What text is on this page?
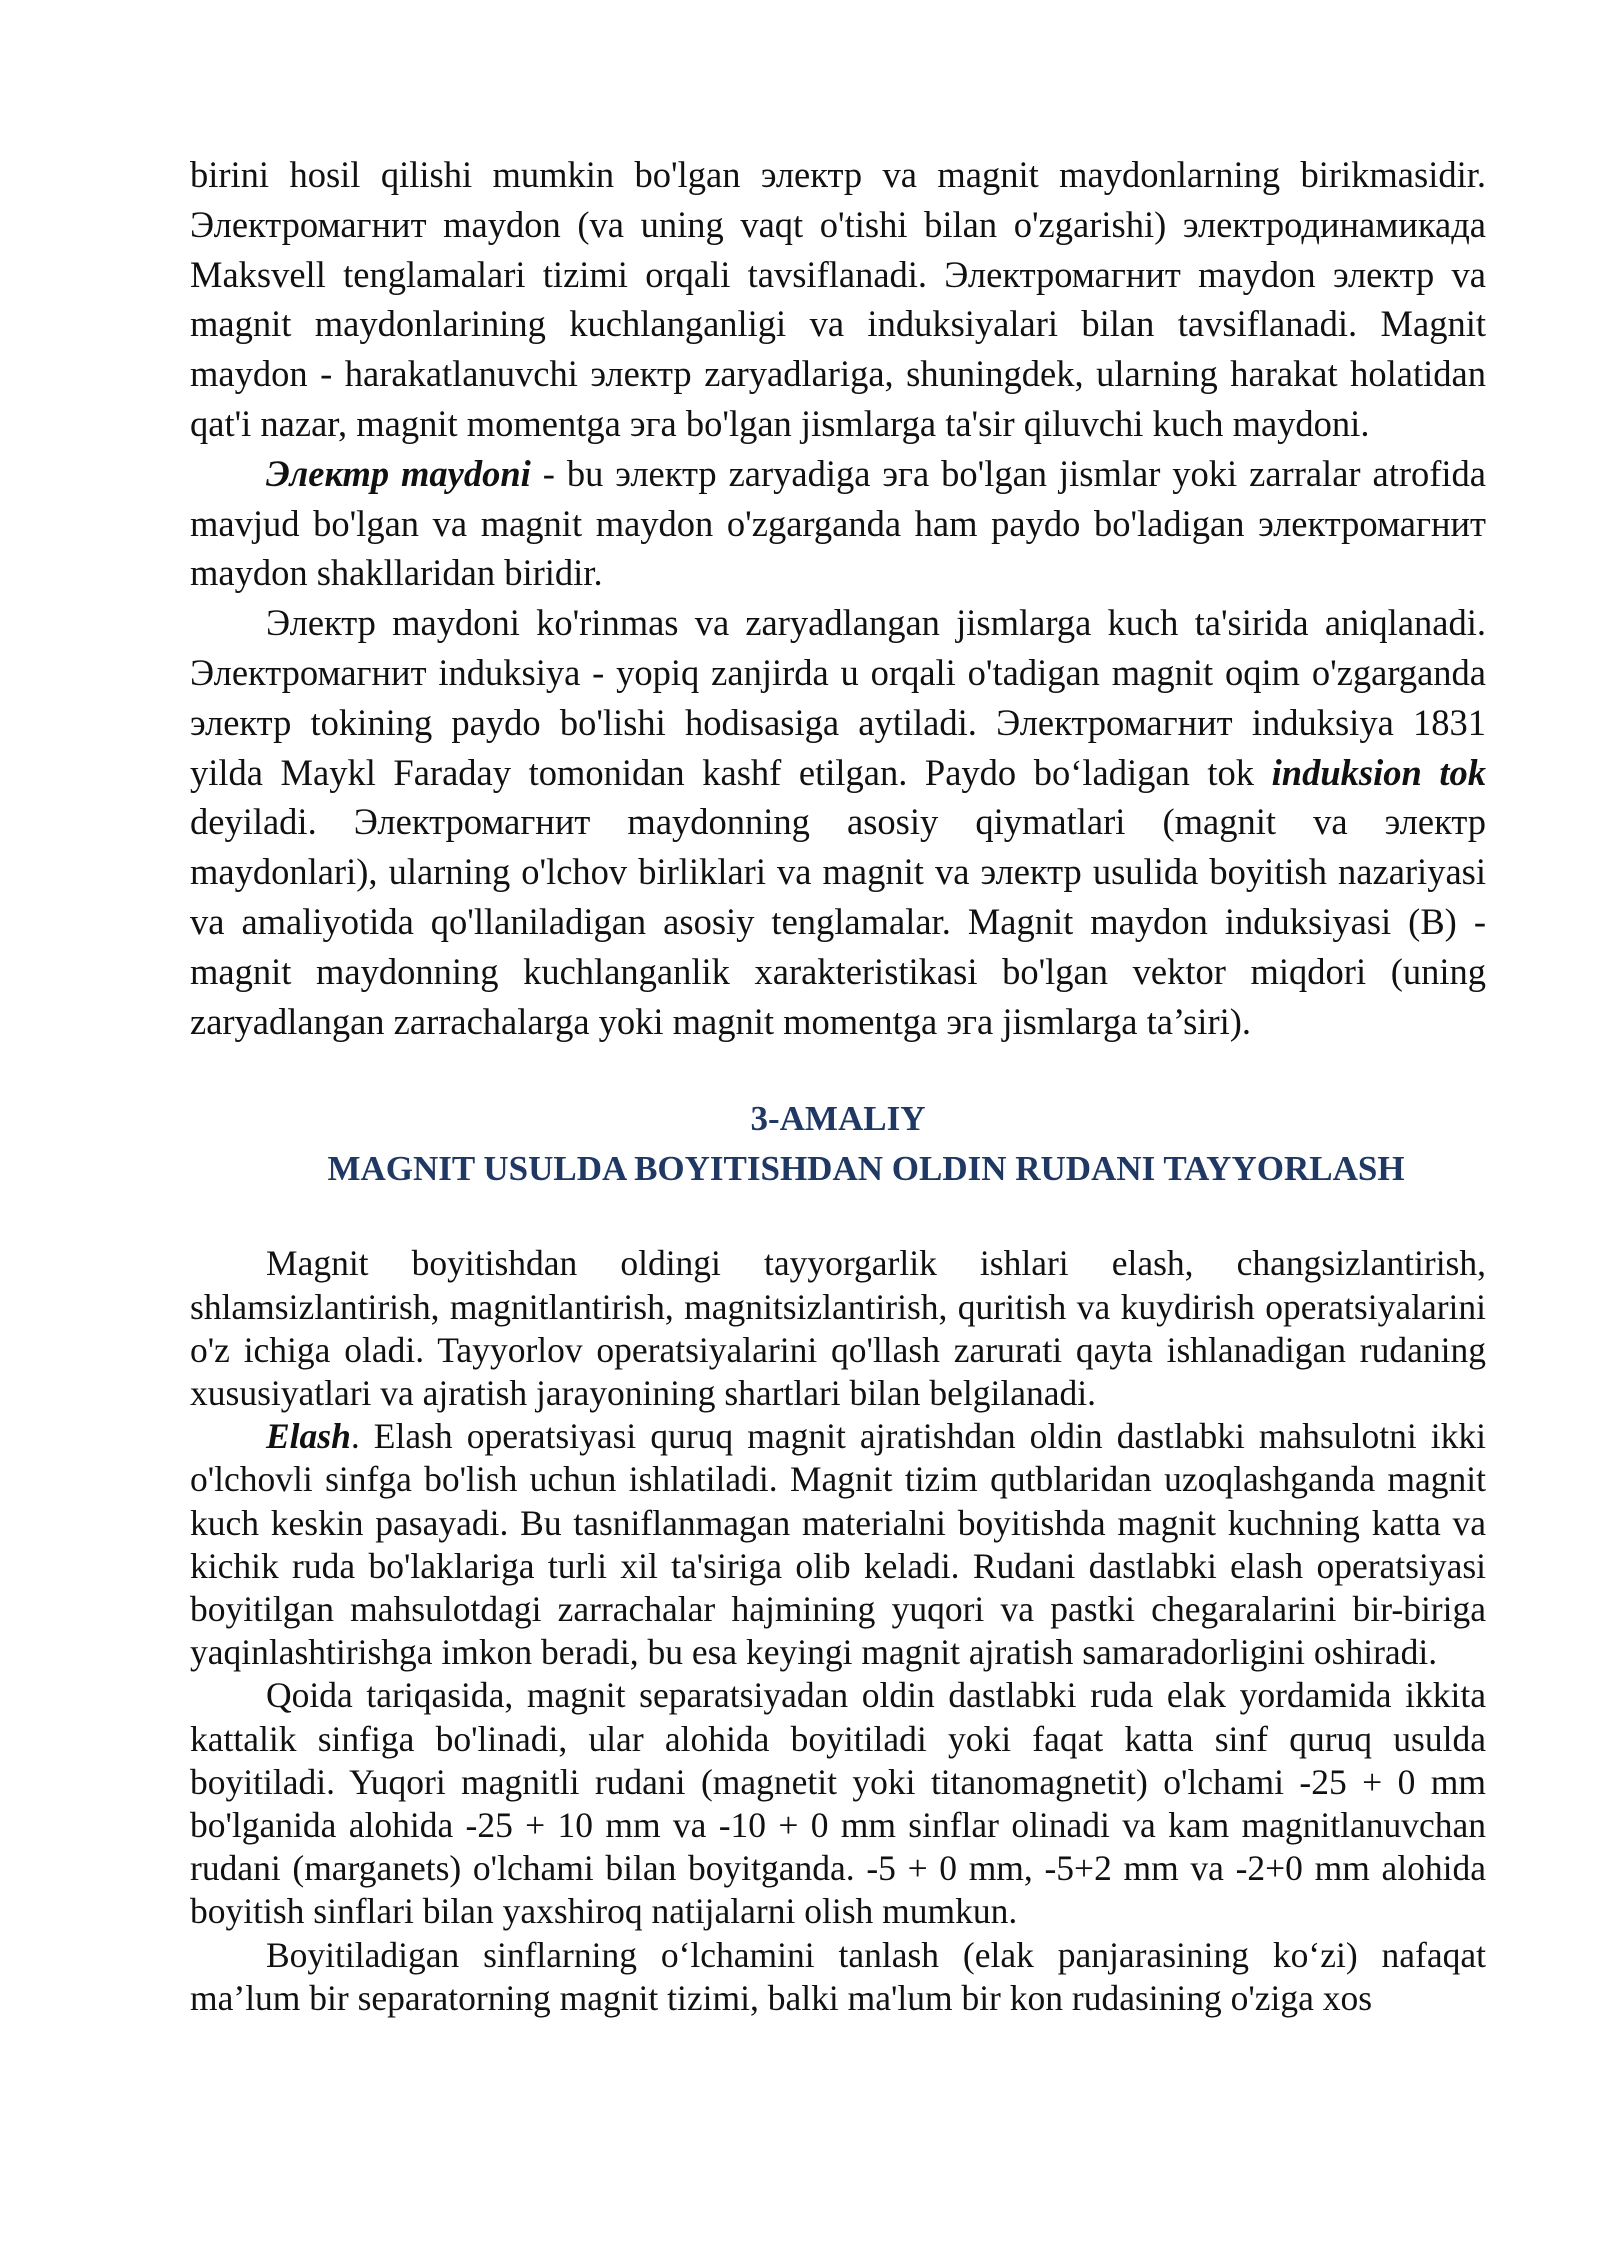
birini hosil qilishi mumkin bo'lgan электр va magnit maydonlarning birikmasidir. Электромагнит maydon (va uning vaqt o'tishi bilan o'zgarishi) электродинамикада Maksvell tenglamalari tizimi orqali tavsiflanadi. Электромагнит maydon электр va magnit maydonlarining kuchlanganligi va induksiyalari bilan tavsiflanadi. Magnit maydon - harakatlanuvchi электр zaryadlariga, shuningdek, ularning harakat holatidan qat'i nazar, magnit momentga эга bo'lgan jismlarga ta'sir qiluvchi kuch maydoni.

Электр maydoni - bu электр zaryadiga эга bo'lgan jismlar yoki zarralar atrofida mavjud bo'lgan va magnit maydon o'zgarganda ham paydo bo'ladigan электромагнит maydon shakllaridan biridir.

Электр maydoni ko'rinmas va zaryadlangan jismlarga kuch ta'sirida aniqlanadi. Электромагнит induksiya - yopiq zanjirda u orqali o'tadigan magnit oqim o'zgarganda электр tokining paydo bo'lishi hodisasiga aytiladi. Электромагнит induksiya 1831 yilda Maykl Faraday tomonidan kashf etilgan. Paydo bo‘ladigan tok induksion tok deyiladi. Электромагнит maydonning asosiy qiymatlari (magnit va электр maydonlari), ularning o'lchov birliklari va magnit va электр usulida boyitish nazariyasi va amaliyotida qo'llaniladigan asosiy tenglamalar. Magnit maydon induksiyasi (B) - magnit maydonning kuchlanganlik xarakteristikasi bo'lgan vektor miqdori (uning zaryadlangan zarrachalarga yoki magnit momentga эга jismlarga ta’siri).

3-AMALIY
MAGNIT USULDA BOYITISHDAN OLDIN RUDANI TAYYORLASH

Magnit boyitishdan oldingi tayyorgarlik ishlari elash, changsizlantirish, shlamsizlantirish, magnitlantirish, magnitsizlantirish, quritish va kuydirish operatsiyalarini o'z ichiga oladi. Tayyorlov operatsiyalarini qo'llash zarurati qayta ishlanadigan rudaning xususiyatlari va ajratish jarayonining shartlari bilan belgilanadi.

Elash. Elash operatsiyasi quruq magnit ajratishdan oldin dastlabki mahsulotni ikki o'lchovli sinfga bo'lish uchun ishlatiladi. Magnit tizim qutblaridan uzoqlashganda magnit kuch keskin pasayadi. Bu tasniflanmagan materialni boyitishda magnit kuchning katta va kichik ruda bo'laklariga turli xil ta'siriga olib keladi. Rudani dastlabki elash operatsiyasi boyitilgan mahsulotdagi zarrachalar hajmining yuqori va pastki chegaralarini bir-biriga yaqinlashtirishga imkon beradi, bu esa keyingi magnit ajratish samaradorligini oshiradi.

Qoida tariqasida, magnit separatsiyadan oldin dastlabki ruda elak yordamida ikkita kattalik sinfiga bo'linadi, ular alohida boyitiladi yoki faqat katta sinf quruq usulda boyitiladi. Yuqori magnitli rudani (magnetit yoki titanomagnetit) o'lchami -25 + 0 mm bo'lganida alohida -25 + 10 mm va -10 + 0 mm sinflar olinadi va kam magnitlanuvchan rudani (marganets) o'lchami bilan boyitganda. -5 + 0 mm, -5+2 mm va -2+0 mm alohida boyitish sinflari bilan yaxshiroq natijalarni olish mumkun.

Boyitiladigan sinflarning o‘lchamini tanlash (elak panjarasining ko‘zi) nafaqat ma’lum bir separatorning magnit tizimi, balki ma'lum bir kon rudasining o'ziga xos
